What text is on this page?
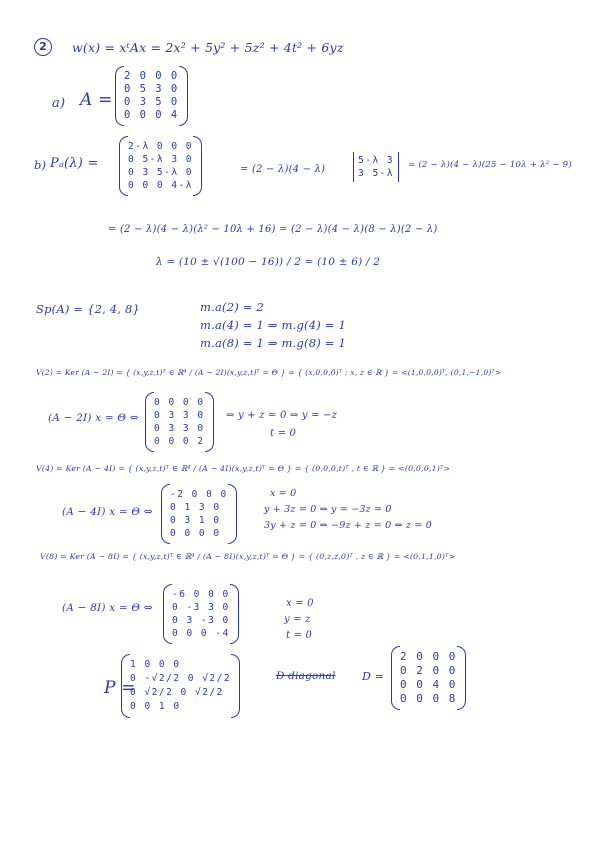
2	w(x) = xᵗAx = 2x² + 5y² + 5z² + 4t² + 6yz
a) A =
2 0 0 0
0 5 3 0
0 3 5 0
0 0 0 4
b) Pₐ(λ) =
2-λ 0 0 0
0 5-λ 3 0
0 3 5-λ 0
0 0 0 4-λ
= (2 − λ)(4 − λ)
5-λ 3
3 5-λ
= (2 − λ)(4 − λ)(25 − 10λ + λ² − 9)
= (2 − λ)(4 − λ)(λ² − 10λ + 16) = (2 − λ)(4 − λ)(8 − λ)(2 − λ)
λ = (10 ± √(100 − 16)) / 2 = (10 ± 6) / 2
Sp(A) = {2, 4, 8}	m.a(2) = 2
m.a(4) = 1 ⇒ m.g(4) = 1
m.a(8) = 1 ⇒ m.g(8) = 1
V(2) = Ker (A − 2I) = { (x,y,z,t)ᵀ ∈ ℝ⁴ / (A − 2I)(x,y,z,t)ᵀ = Θ } = { (x,0,0,0)ᵀ ; x, z ∈ ℝ } = <(1,0,0,0)ᵀ, (0,1,−1,0)ᵀ>
(A − 2I) x = Θ ⇔
0 0 0 0
0 3 3 0
0 3 3 0
0 0 0 2
⇒ y + z = 0 ⇒ y = −z
t = 0
V(4) = Ker (A − 4I) = { (x,y,z,t)ᵀ ∈ ℝ⁴ / (A − 4I)(x,y,z,t)ᵀ = Θ } = { (0,0,0,t)ᵀ , t ∈ ℝ } = <(0,0,0,1)ᵀ>
(A − 4I) x = Θ ⇔
-2 0 0 0
0 1 3 0
0 3 1 0
0 0 0 0
x = 0
y + 3z = 0 ⇒ y = −3z = 0
3y + z = 0 ⇒ −9z + z = 0 ⇔ z = 0
V(8) = Ker (A − 8I) = { (x,y,z,t)ᵀ ∈ ℝ⁴ / (A − 8I)(x,y,z,t)ᵀ = Θ } = { (0,z,z,0)ᵀ , z ∈ ℝ } = <(0,1,1,0)ᵀ>
(A − 8I) x = Θ ⇔
-6 0 0 0
0 -3 3 0
0 3 -3 0
0 0 0 -4
x = 0
y = z
t = 0
P =
1 0 0 0
0 -√2/2 0 √2/2
0 √2/2 0 √2/2
0 0 1 0
D diagonal D =
2 0 0 0
0 2 0 0
0 0 4 0
0 0 0 8
